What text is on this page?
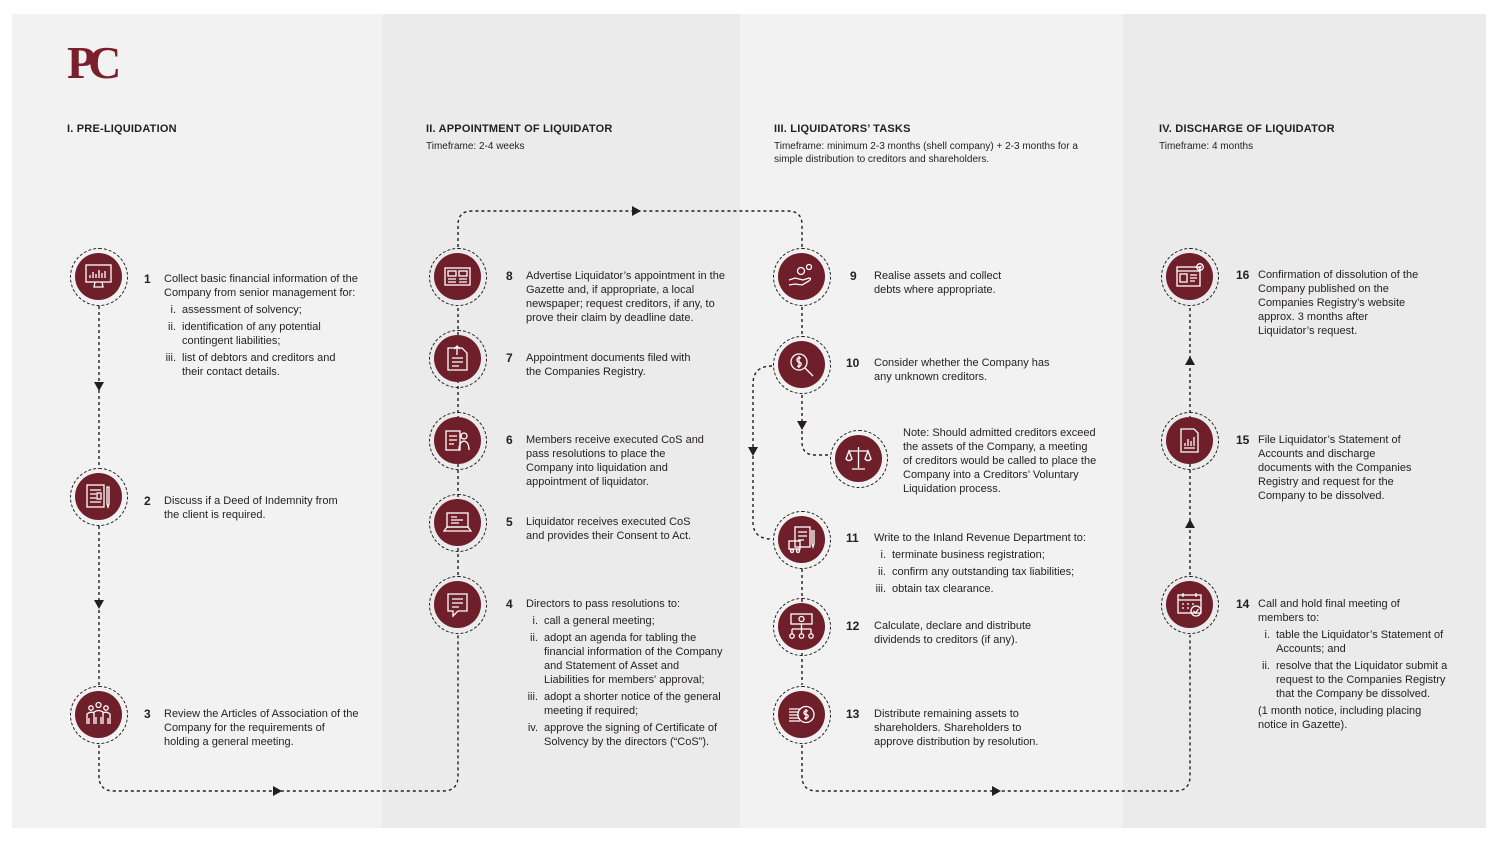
PC
I. PRE-LIQUIDATION	II. APPOINTMENT OF LIQUIDATOR
Timeframe: 2-4 weeks
III. LIQUIDATORS’ TASKS
Timeframe: minimum 2-3 months (shell company) + 2-3 months for a simple distribution to creditors and shareholders.
IV. DISCHARGE OF LIQUIDATOR
Timeframe: 4 months
1 Collect basic financial information of the Company from senior management for:
i. assessment of solvency;
ii. identification of any potential contingent liabilities;
iii. list of debtors and creditors and their contact details.
2 Discuss if a Deed of Indemnity from the client is required.
3 Review the Articles of Association of the Company for the requirements of holding a general meeting.
4 Directors to pass resolutions to:
i. call a general meeting;
ii. adopt an agenda for tabling the financial information of the Company and Statement of Asset and Liabilities for members' approval;
iii. adopt a shorter notice of the general meeting if required;
iv. approve the signing of Certificate of Solvency by the directors (“CoS”).
5 Liquidator receives executed CoS and provides their Consent to Act.
6 Members receive executed CoS and pass resolutions to place the Company into liquidation and appointment of liquidator.
7 Appointment documents filed with the Companies Registry.
8 Advertise Liquidator’s appointment in the Gazette and, if appropriate, a local newspaper; request creditors, if any, to prove their claim by deadline date.
9 Realise assets and collect debts where appropriate.
10 Consider whether the Company has any unknown creditors.
Note: Should admitted creditors exceed the assets of the Company, a meeting of creditors would be called to place the Company into a Creditors’ Voluntary Liquidation process.
11 Write to the Inland Revenue Department to:
i. terminate business registration;
ii. confirm any outstanding tax liabilities;
iii. obtain tax clearance.
12 Calculate, declare and distribute dividends to creditors (if any).
13 Distribute remaining assets to shareholders. Shareholders to approve distribution by resolution.
14 Call and hold final meeting of members to:
i. table the Liquidator’s Statement of Accounts; and
ii. resolve that the Liquidator submit a request to the Companies Registry that the Company be dissolved.
(1 month notice, including placing notice in Gazette).
15 File Liquidator’s Statement of Accounts and discharge documents with the Companies Registry and request for the Company to be dissolved.
16 Confirmation of dissolution of the Company published on the Companies Registry’s website approx. 3 months after Liquidator’s request.
